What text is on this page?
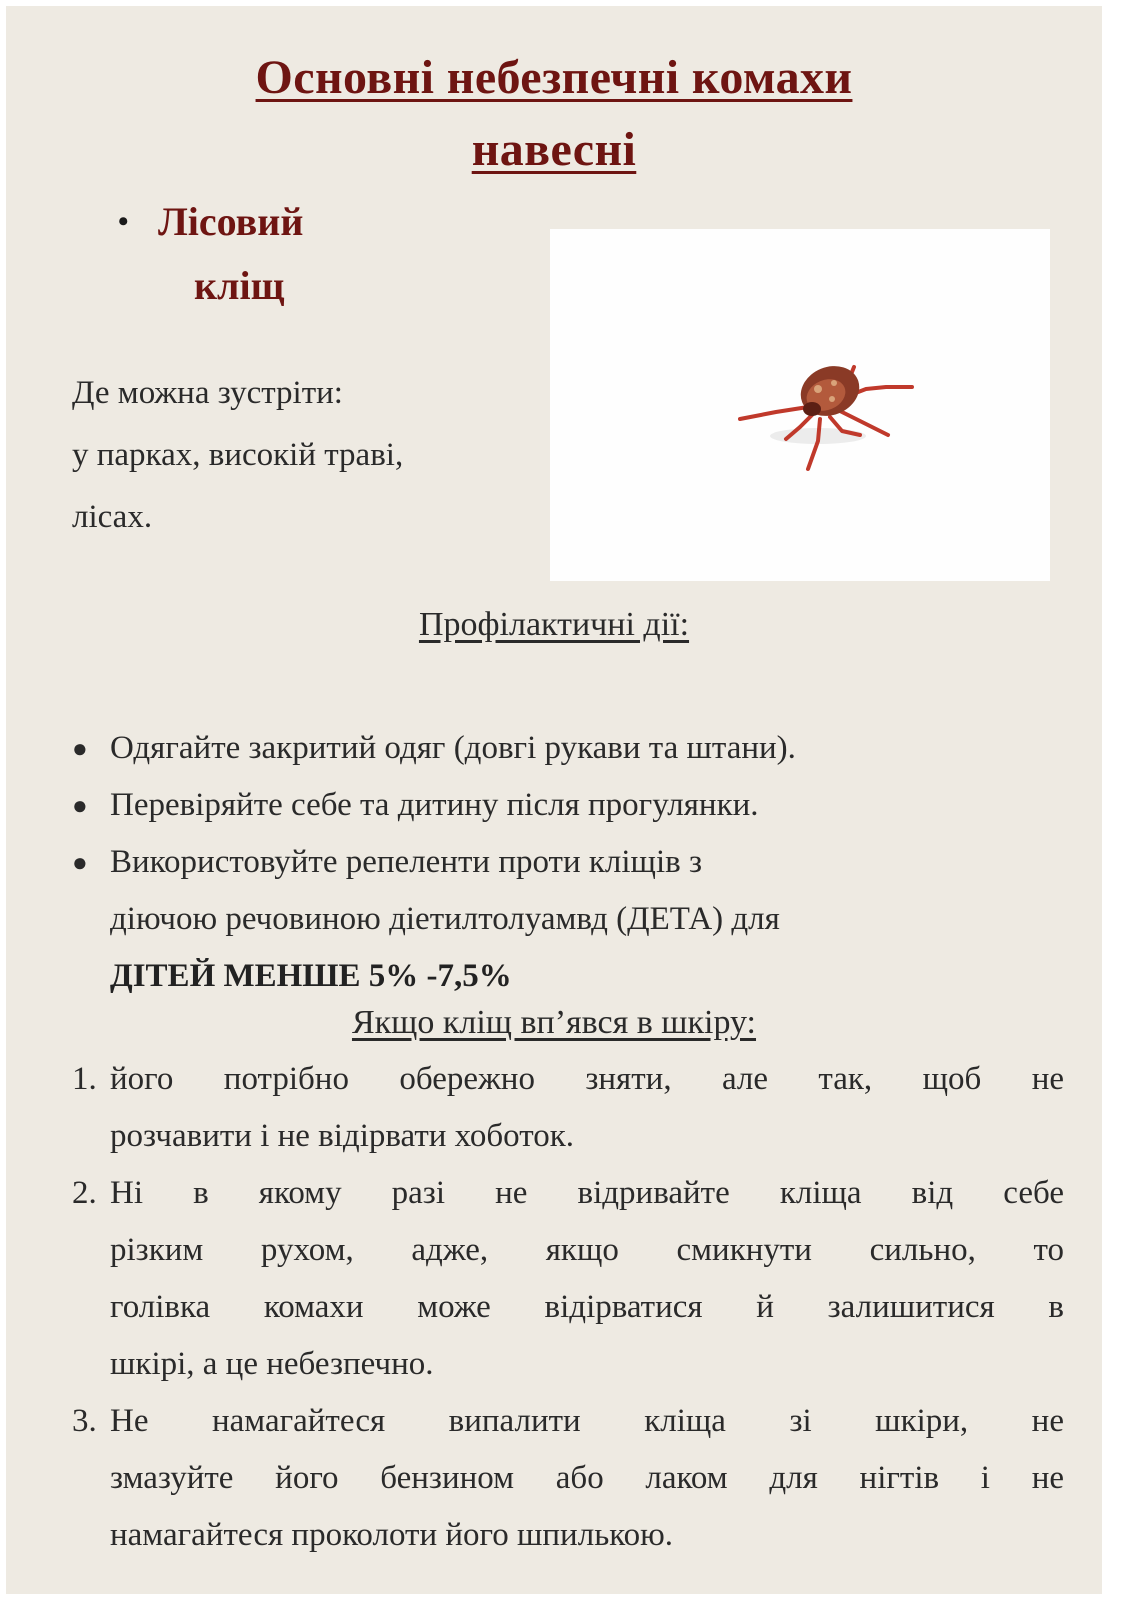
Основні небезпечні комахи
навесні
• Лісовий
кліщ
Де можна зустріти:
у парках, високій траві,
лісах.
Профілактичні дії:
● Одягайте закритий одяг (довгі рукави та штани).
● Перевіряйте себе та дитину після прогулянки.
● Використовуйте репеленти проти кліщів з
діючою речовиною діетилтолуамвд (ДЕТА) для
ДІТЕЙ МЕНШЕ 5% -7,5%
Якщо кліщ вп’явся в шкіру:
1. його потрібно обережно зняти, але так, щоб не
розчавити і не відірвати хоботок.
2. Ні в якому разі не відривайте кліща від себе
різким рухом, адже, якщо смикнути сильно, то
голівка комахи може відірватися й залишитися в
шкірі, а це небезпечно.
3. Не намагайтеся випалити кліща зі шкіри, не
змазуйте його бензином або лаком для нігтів і не
намагайтеся проколоти його шпилькою.
